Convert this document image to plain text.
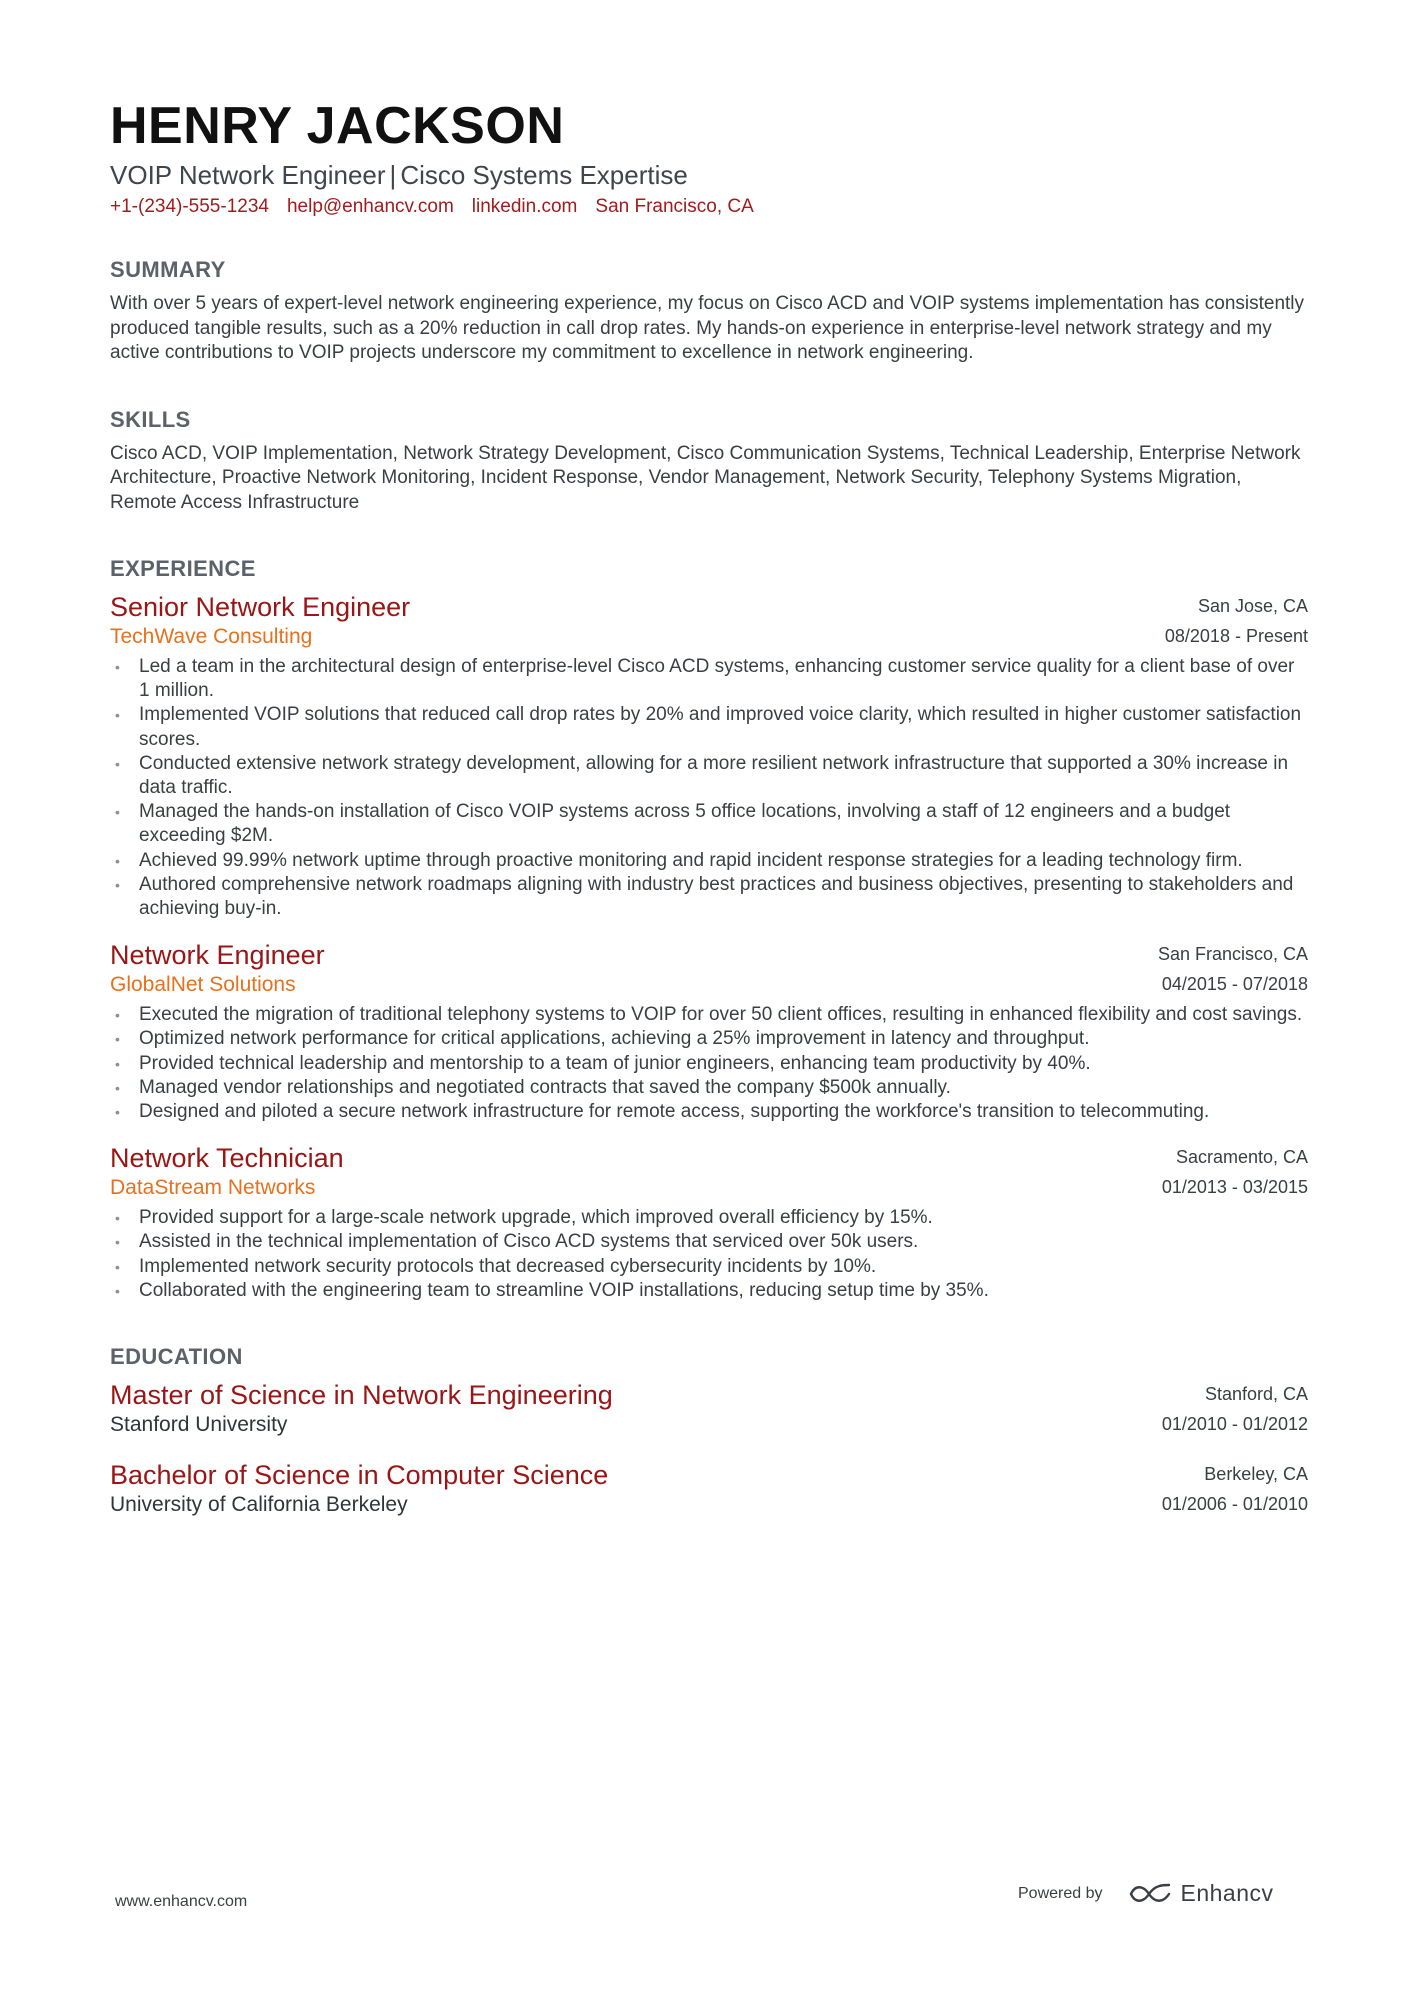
HENRY JACKSON
VOIP Network Engineer | Cisco Systems Expertise
+1-(234)-555-1234 help@enhancv.com linkedin.com San Francisco, CA
SUMMARY
With over 5 years of expert-level network engineering experience, my focus on Cisco ACD and VOIP systems implementation has consistently produced tangible results, such as a 20% reduction in call drop rates. My hands-on experience in enterprise-level network strategy and my active contributions to VOIP projects underscore my commitment to excellence in network engineering.
SKILLS
Cisco ACD, VOIP Implementation, Network Strategy Development, Cisco Communication Systems, Technical Leadership, Enterprise Network Architecture, Proactive Network Monitoring, Incident Response, Vendor Management, Network Security, Telephony Systems Migration, Remote Access Infrastructure
EXPERIENCE
Senior Network Engineer
TechWave Consulting
San Jose, CA
08/2018 - Present
• Led a team in the architectural design of enterprise-level Cisco ACD systems, enhancing customer service quality for a client base of over 1 million.
• Implemented VOIP solutions that reduced call drop rates by 20% and improved voice clarity, which resulted in higher customer satisfaction scores.
• Conducted extensive network strategy development, allowing for a more resilient network infrastructure that supported a 30% increase in data traffic.
• Managed the hands-on installation of Cisco VOIP systems across 5 office locations, involving a staff of 12 engineers and a budget exceeding $2M.
• Achieved 99.99% network uptime through proactive monitoring and rapid incident response strategies for a leading technology firm.
• Authored comprehensive network roadmaps aligning with industry best practices and business objectives, presenting to stakeholders and achieving buy-in.
Network Engineer
GlobalNet Solutions
San Francisco, CA
04/2015 - 07/2018
• Executed the migration of traditional telephony systems to VOIP for over 50 client offices, resulting in enhanced flexibility and cost savings.
• Optimized network performance for critical applications, achieving a 25% improvement in latency and throughput.
• Provided technical leadership and mentorship to a team of junior engineers, enhancing team productivity by 40%.
• Managed vendor relationships and negotiated contracts that saved the company $500k annually.
• Designed and piloted a secure network infrastructure for remote access, supporting the workforce's transition to telecommuting.
Network Technician
DataStream Networks
Sacramento, CA
01/2013 - 03/2015
• Provided support for a large-scale network upgrade, which improved overall efficiency by 15%.
• Assisted in the technical implementation of Cisco ACD systems that serviced over 50k users.
• Implemented network security protocols that decreased cybersecurity incidents by 10%.
• Collaborated with the engineering team to streamline VOIP installations, reducing setup time by 35%.
EDUCATION
Master of Science in Network Engineering
Stanford University
Stanford, CA
01/2010 - 01/2012
Bachelor of Science in Computer Science
University of California Berkeley
Berkeley, CA
01/2006 - 01/2010
www.enhancv.com	Powered by	Enhancv
